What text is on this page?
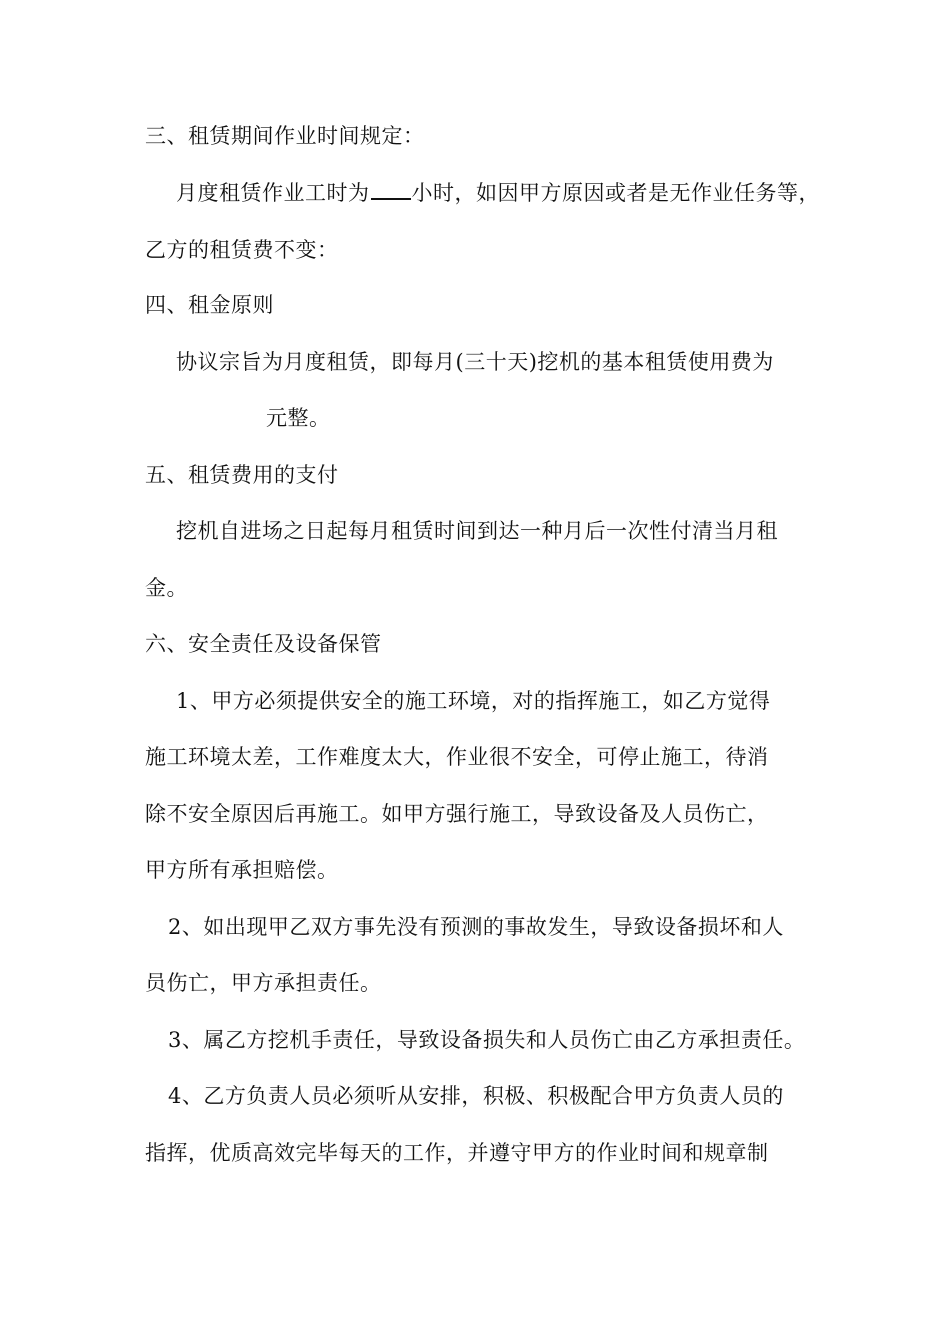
三、租赁期间作业时间规定：
月度租赁作业工时为 小时，如因甲方原因或者是无作业任务等，
乙方的租赁费不变：
四、租金原则
协议宗旨为月度租赁，即每月(三十天)挖机的基本租赁使用费为
元整。
五、租赁费用的支付
挖机自进场之日起每月租赁时间到达一种月后一次性付清当月租
金。
六、安全责任及设备保管
1、甲方必须提供安全的施工环境，对的指挥施工，如乙方觉得
施工环境太差，工作难度太大，作业很不安全，可停止施工，待消
除不安全原因后再施工。如甲方强行施工，导致设备及人员伤亡，
甲方所有承担赔偿。
2、如出现甲乙双方事先没有预测的事故发生，导致设备损坏和人
员伤亡，甲方承担责任。
3、属乙方挖机手责任，导致设备损失和人员伤亡由乙方承担责任。
4、乙方负责人员必须听从安排，积极、积极配合甲方负责人员的
指挥，优质高效完毕每天的工作，并遵守甲方的作业时间和规章制
